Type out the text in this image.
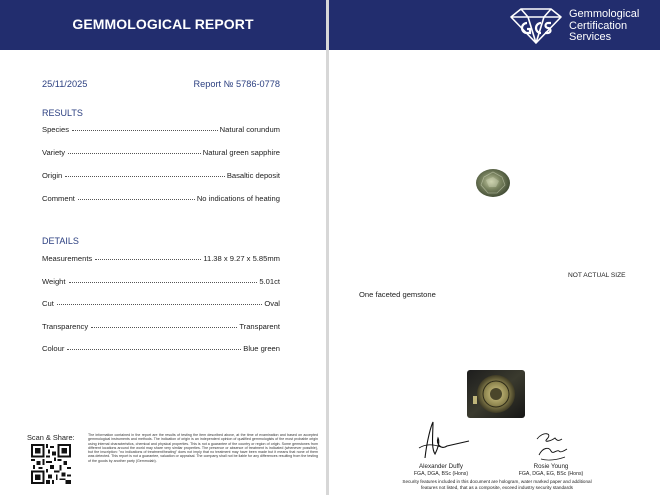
GEMMOLOGICAL REPORT
25/11/2025	Report № 5786-0778
RESULTS
Species	Natural corundum
Variety	Natural green sapphire
Origin	Basaltic deposit
Comment	No indications of heating
DETAILS
Measurements	11.38 x 9.27 x 5.85mm
Weight	5.01ct
Cut	Oval
Transparency	Transparent
Colour	Blue green
Scan & Share:	The information contained in the report are the results of testing the item described above, at the time of examination and based on accepted gemmological instruments and methods. The indication of origin is an independent opinion of qualified gemmologists of the most probable origin using internal characteristics, chemical and physical properties. This is not a guarantee of the country or region of origin. Some gemstones from different locations around the world may share very similar properties. The presence or absence of treatment is indicated (whenever possible), but the inscription: "no indications of treatment/heating" does not imply that no treatment may have been made but it means that none of them was detected. This report is not a guarantee, valuation or appraisal. The company shall not be liable for any differences resulting from the testing of the goods by another party (Gemmolab).
Gemmological
Certification
Services
NOT ACTUAL SIZE
One faceted gemstone
Alexander Duffy
FGA, DGA, BSc (Hons)
Rosie Young
FGA, DGA, EG, BSc (Hons)
Security features included in this document are hologram, water marked paper and additional
features not listed, that as a composite, exceed industry security standards
